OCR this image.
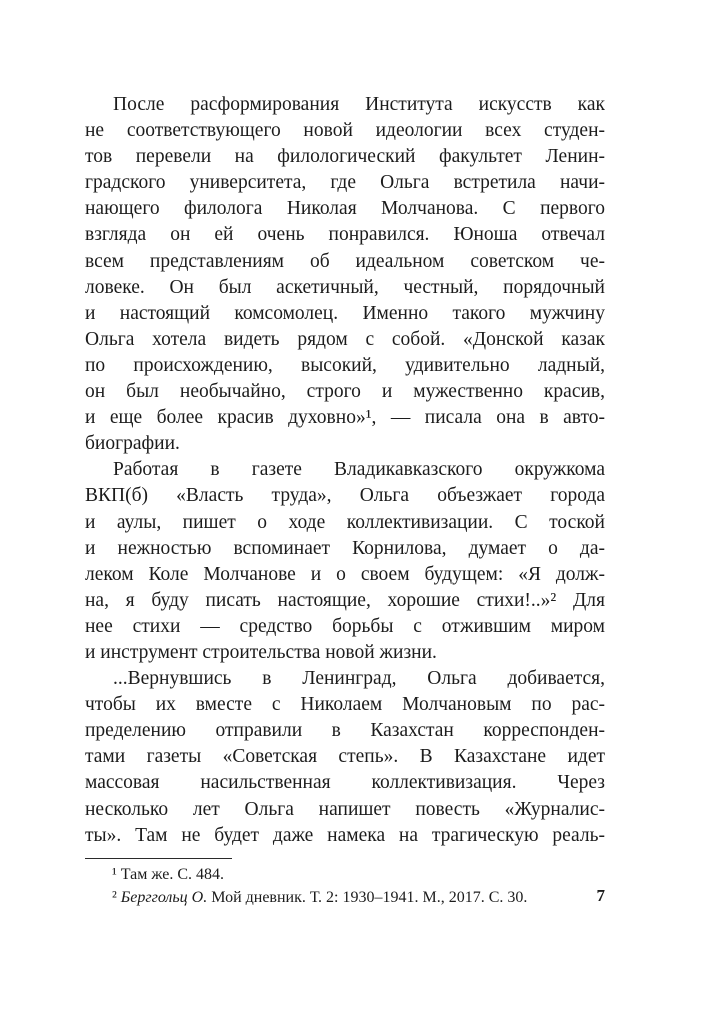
После расформирования Института искусств как
не соответствующего новой идеологии всех студен-
тов перевели на филологический факультет Ленин-
градского университета, где Ольга встретила начи-
нающего филолога Николая Молчанова. С первого
взгляда он ей очень понравился. Юноша отвечал
всем представлениям об идеальном советском че-
ловеке. Он был аскетичный, честный, порядочный
и настоящий комсомолец. Именно такого мужчину
Ольга хотела видеть рядом с собой. «Донской казак
по происхождению, высокий, удивительно ладный,
он был необычайно, строго и мужественно красив,
и еще более красив духовно»¹, — писала она в авто-
биографии.
Работая в газете Владикавказского окружкома
ВКП(б) «Власть труда», Ольга объезжает города
и аулы, пишет о ходе коллективизации. С тоской
и нежностью вспоминает Корнилова, думает о да-
леком Коле Молчанове и о своем будущем: «Я долж-
на, я буду писать настоящие, хорошие стихи!..»² Для
нее стихи — средство борьбы с отжившим миром
и инструмент строительства новой жизни.
...Вернувшись в Ленинград, Ольга добивается,
чтобы их вместе с Николаем Молчановым по рас-
пределению отправили в Казахстан корреспонден-
тами газеты «Советская степь». В Казахстане идет
массовая насильственная коллективизация. Через
несколько лет Ольга напишет повесть «Журналис-
ты». Там не будет даже намека на трагическую реаль-
¹ Там же. С. 484.
² Берггольц О. Мой дневник. Т. 2: 1930–1941. М., 2017. С. 30.	7
